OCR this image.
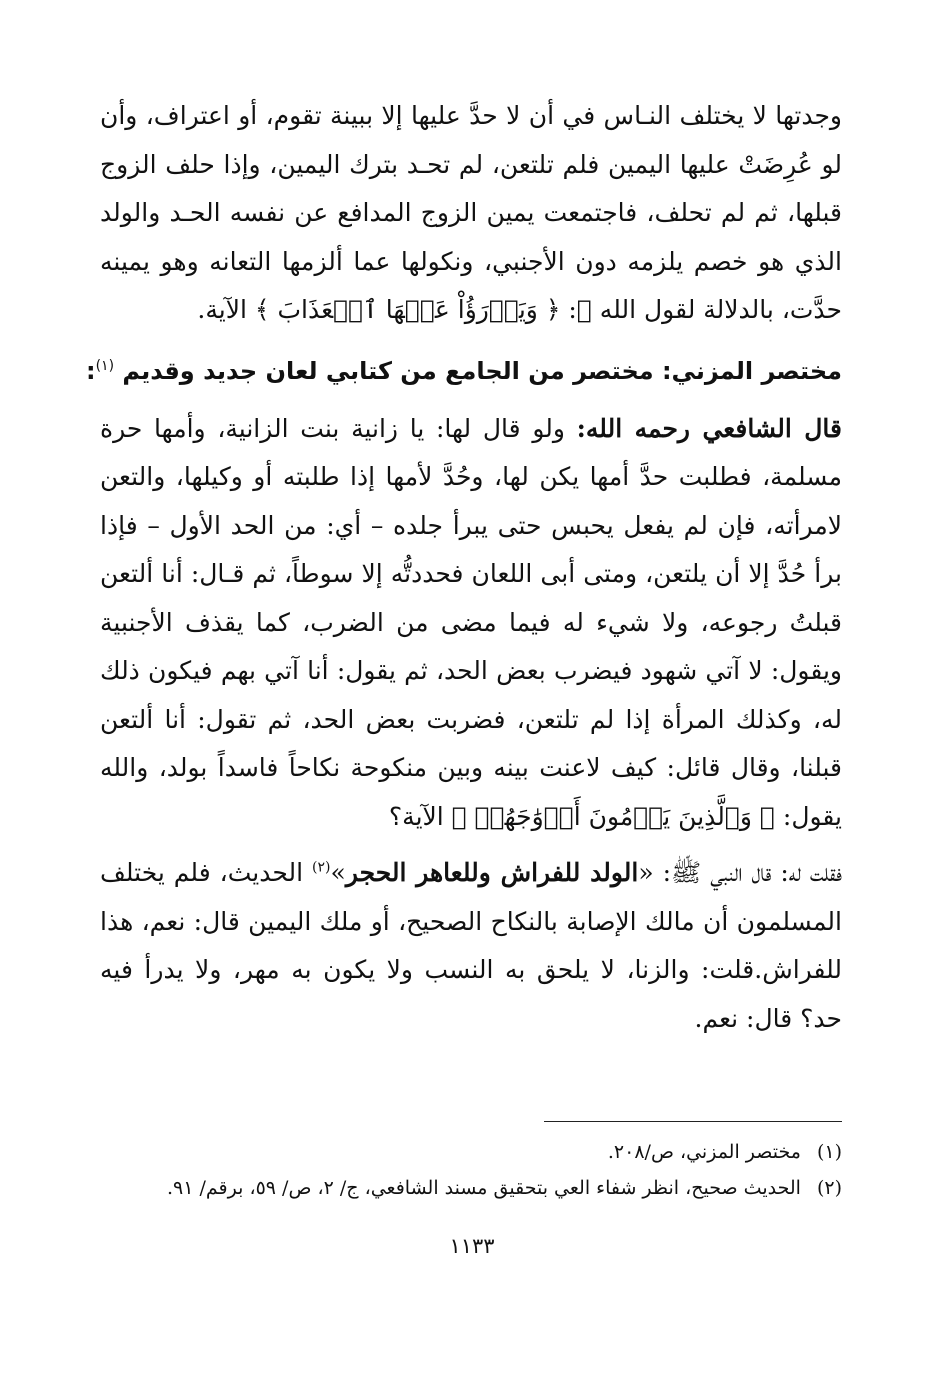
وجدتها لا يختلف النـاس في أن لا حدَّ عليها إلا ببينة تقوم، أو اعتراف، وأن لو عُرِضَتْ عليها اليمين فلم تلتعن، لم تحـد بترك اليمين، وإذا حلف الزوج قبلها، ثم لم تحلف، فاجتمعت يمين الزوج المدافع عن نفسه الحـد والولد الذي هو خصم يلزمه دون الأجنبي، ونكولها عما ألزمها التعانه وهو يمينه حدَّت، بالدلالة لقول الله ﷻ: ﴿ وَيَدۡرَؤُاْ عَنۡهَا ٱلۡعَذَابَ ﴾ الآية.

مختصر المزني: مختصر من الجامع من كتابي لعان جديد وقديم $^{(١)}$:

قال الشافعي رحمه الله: ولو قال لها: يا زانية بنت الزانية، وأمها حرة مسلمة، فطلبت حدَّ أمها يكن لها، وحُدَّ لأمها إذا طلبته أو وكيلها، والتعن لامرأته، فإن لم يفعل يحبس حتى يبرأ جلده – أي: من الحد الأول – فإذا برأ حُدَّ إلا أن يلتعن، ومتى أبى اللعان فحددتُّه إلا سوطاً، ثم قـال: أنا ألتعن قبلتُ رجوعه، ولا شيء له فيما مضى من الضرب، كما يقذف الأجنبية ويقول: لا آتي شهود فيضرب بعض الحد، ثم يقول: أنا آتي بهم فيكون ذلك له، وكذلك المرأة إذا لم تلتعن، فضربت بعض الحد، ثم تقول: أنا ألتعن قبلنا، وقال قائل: كيف لاعنت بينه وبين منكوحة نكاحاً فاسداً بولد، والله يقول: ﴿ وَٱلَّذِينَ يَرۡمُونَ أَزۡوَٰجَهُمۡ ﴾ الآية؟

فقلت له: قال النبي ﷺ: «الولد للفراش وللعاهر الحجر»$^{(٢)}$ الحديث، فلم يختلف المسلمون أن مالك الإصابة بالنكاح الصحيح، أو ملك اليمين قال: نعم، هذا للفراش.قلت: والزنا، لا يلحق به النسب ولا يكون به مهر، ولا يدرأ فيه حد؟ قال: نعم.

(١)مختصر المزني، ص/٢٠٨.
(٢)الحديث صحيح، انظر شفاء العي بتحقيق مسند الشافعي، ج/ ٢، ص/ ٥٩، برقم/ ٩١.
١١٣٣
